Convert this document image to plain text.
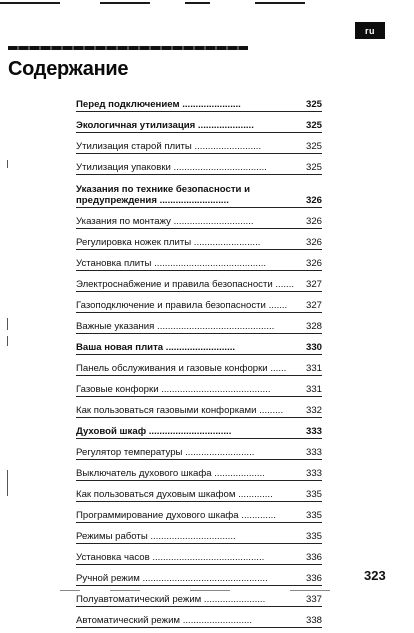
ru
Содержание
Перед подключением ......................	325
Экологичная утилизация .....................	325
Утилизация старой плиты .........................	325
Утилизация упаковки ...................................	325
Указания по технике безопасности и предупреждения ..........................	326
Указания по монтажу ..............................	326
Регулировка ножек плиты .........................	326
Установка плиты ..........................................	326
Электроснабжение и правила безопасности .......	327
Газоподключение и правила безопасности .......	327
Важные указания ............................................	328
Ваша новая плита ..........................	330
Панель обслуживания и газовые конфорки ......	331
Газовые конфорки .........................................	331
Как пользоваться газовыми конфорками .........	332
Духовой шкаф ...............................	333
Регулятор температуры ..........................	333
Выключатель духового шкафа ...................	333
Как пользоваться духовым шкафом .............	335
Программирование духового шкафа .............	335
Режимы работы ................................	335
Установка часов ..........................................	336
Ручной режим ...............................................	336
Полуавтоматический режим .......................	337
Автоматический режим ..........................	338
323
